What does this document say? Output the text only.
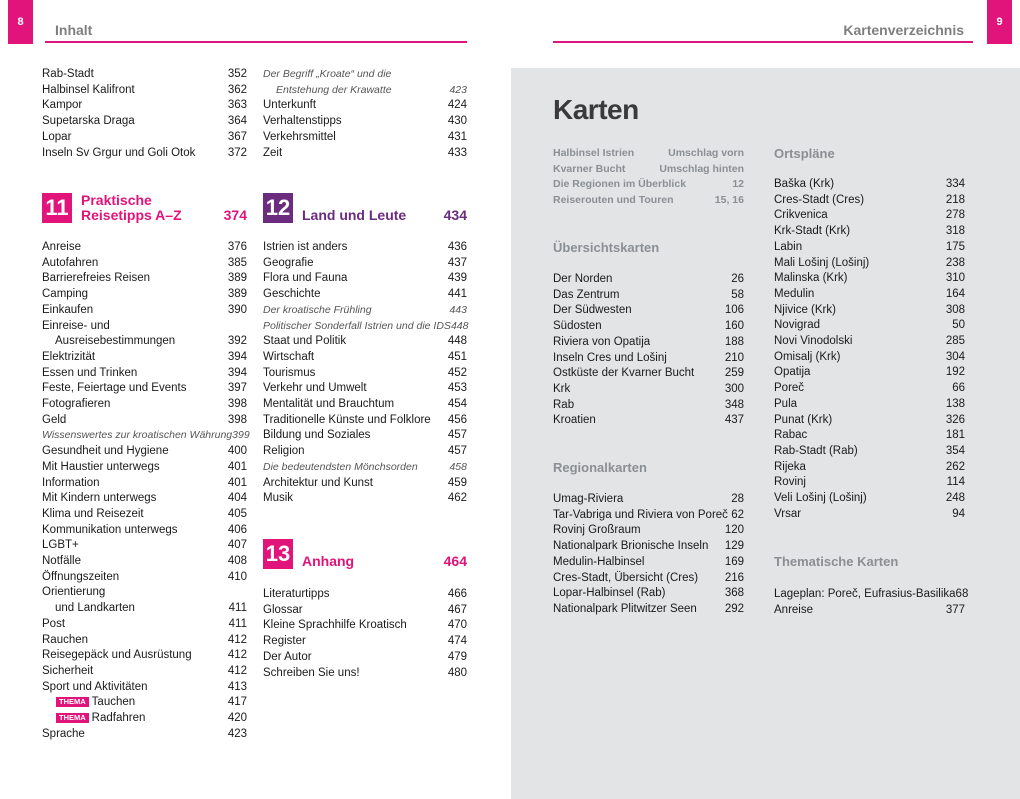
8	Inhalt	9
Kartenverzeichnis
Rab-Stadt	352
Halbinsel Kalifront	362
Kampor	363
Supetarska Draga	364
Lopar	367
Inseln Sv Grgur und Goli Otok	372
11 Praktische
Reisetipps A–Z	374
Anreise	376
Autofahren	385
Barrierefreies Reisen	389
Camping	389
Einkaufen	390
Einreise- und
Ausreisebestimmungen	392
Elektrizität	394
Essen und Trinken	394
Feste, Feiertage und Events	397
Fotografieren	398
Geld	398
Wissenswertes zur kroatischen Währung 399
Gesundheit und Hygiene	400
Mit Haustier unterwegs	401
Information	401
Mit Kindern unterwegs	404
Klima und Reisezeit	405
Kommunikation unterwegs	406
LGBT+	407
Notfälle	408
Öffnungszeiten	410
Orientierung
und Landkarten	411
Post	411
Rauchen	412
Reisegepäck und Ausrüstung	412
Sicherheit	412
Sport und Aktivitäten	413
THEMA Tauchen	417
THEMA Radfahren	420
Sprache	423
Der Begriff „Kroate“ und die
Entstehung der Krawatte	423
Unterkunft	424
Verhaltenstipps	430
Verkehrsmittel	431
Zeit	433
12 Land und Leute	434
Istrien ist anders	436
Geografie	437
Flora und Fauna	439
Geschichte	441
Der kroatische Frühling	443
Politischer Sonderfall Istrien und die IDS 448
Staat und Politik	448
Wirtschaft	451
Tourismus	452
Verkehr und Umwelt	453
Mentalität und Brauchtum	454
Traditionelle Künste und Folklore 456
Bildung und Soziales	457
Religion	457
Die bedeutendsten Mönchsorden	458
Architektur und Kunst	459
Musik	462
13 Anhang	464
Literaturtipps	466
Glossar	467
Kleine Sprachhilfe Kroatisch	470
Register	474
Der Autor	479
Schreiben Sie uns!	480
Karten
Halbinsel Istrien	Umschlag vorn
Kvarner Bucht	Umschlag hinten
Die Regionen im Überblick	12
Reiserouten und Touren	15, 16
Übersichtskarten
Der Norden	26
Das Zentrum	58
Der Südwesten	106
Südosten	160
Riviera von Opatija	188
Inseln Cres und Lošinj	210
Ostküste der Kvarner Bucht	259
Krk	300
Rab	348
Kroatien	437
Regionalkarten
Umag-Riviera	28
Tar-Vabriga und Riviera von Poreč 62
Rovinj Großraum	120
Nationalpark Brionische Inseln 129
Medulin-Halbinsel	169
Cres-Stadt, Übersicht (Cres) 216
Lopar-Halbinsel (Rab)	368
Nationalpark Plitwitzer Seen 292
Ortspläne
Baška (Krk)	334
Cres-Stadt (Cres)	218
Crikvenica	278
Krk-Stadt (Krk)	318
Labin	175
Mali Lošinj (Lošinj)	238
Malinska (Krk)	310
Medulin	164
Njivice (Krk)	308
Novigrad	50
Novi Vinodolski	285
Omisalj (Krk)	304
Opatija	192
Poreč	66
Pula	138
Punat (Krk)	326
Rabac	181
Rab-Stadt (Rab)	354
Rijeka	262
Rovinj	114
Veli Lošinj (Lošinj)	248
Vrsar	94
Thematische Karten
Lageplan: Poreč, Eufrasius-Basilika 68
Anreise	377
